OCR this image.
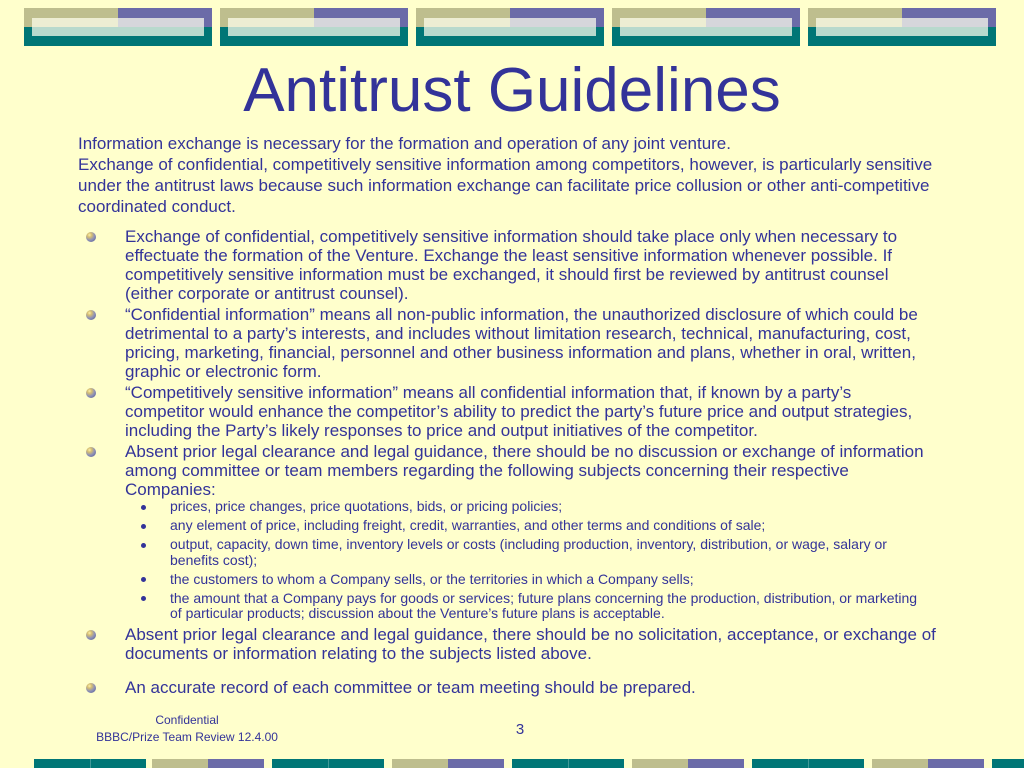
Antitrust Guidelines

Information exchange is necessary for the formation and operation of any joint venture.

Exchange of confidential, competitively sensitive information among competitors, however, is particularly sensitive
under the antitrust laws because such information exchange can facilitate price collusion or other anti-competitive
coordinated conduct.

Exchange of confidential, competitively sensitive information should take place only when necessary to
effectuate the formation of the Venture. Exchange the least sensitive information whenever possible. If
competitively sensitive information must be exchanged, it should first be reviewed by antitrust counsel
(either corporate or antitrust counsel).
“Confidential information” means all non-public information, the unauthorized disclosure of which could be
detrimental to a party’s interests, and includes without limitation research, technical, manufacturing, cost,
pricing, marketing, financial, personnel and other business information and plans, whether in oral, written,
graphic or electronic form.
“Competitively sensitive information” means all confidential information that, if known by a party’s
competitor would enhance the competitor’s ability to predict the party’s future price and output strategies,
including the Party’s likely responses to price and output initiatives of the competitor.
Absent prior legal clearance and legal guidance, there should be no discussion or exchange of information
among committee or team members regarding the following subjects concerning their respective
Companies:
prices, price changes, price quotations, bids, or pricing policies;
any element of price, including freight, credit, warranties, and other terms and conditions of sale;
output, capacity, down time, inventory levels or costs (including production, inventory, distribution, or wage, salary or
benefits cost);
the customers to whom a Company sells, or the territories in which a Company sells;
the amount that a Company pays for goods or services; future plans concerning the production, distribution, or marketing
of particular products; discussion about the Venture’s future plans is acceptable.
Absent prior legal clearance and legal guidance, there should be no solicitation, acceptance, or exchange of
documents or information relating to the subjects listed above.
An accurate record of each committee or team meeting should be prepared.
Confidential
BBBC/Prize Team Review 12.4.00	3
